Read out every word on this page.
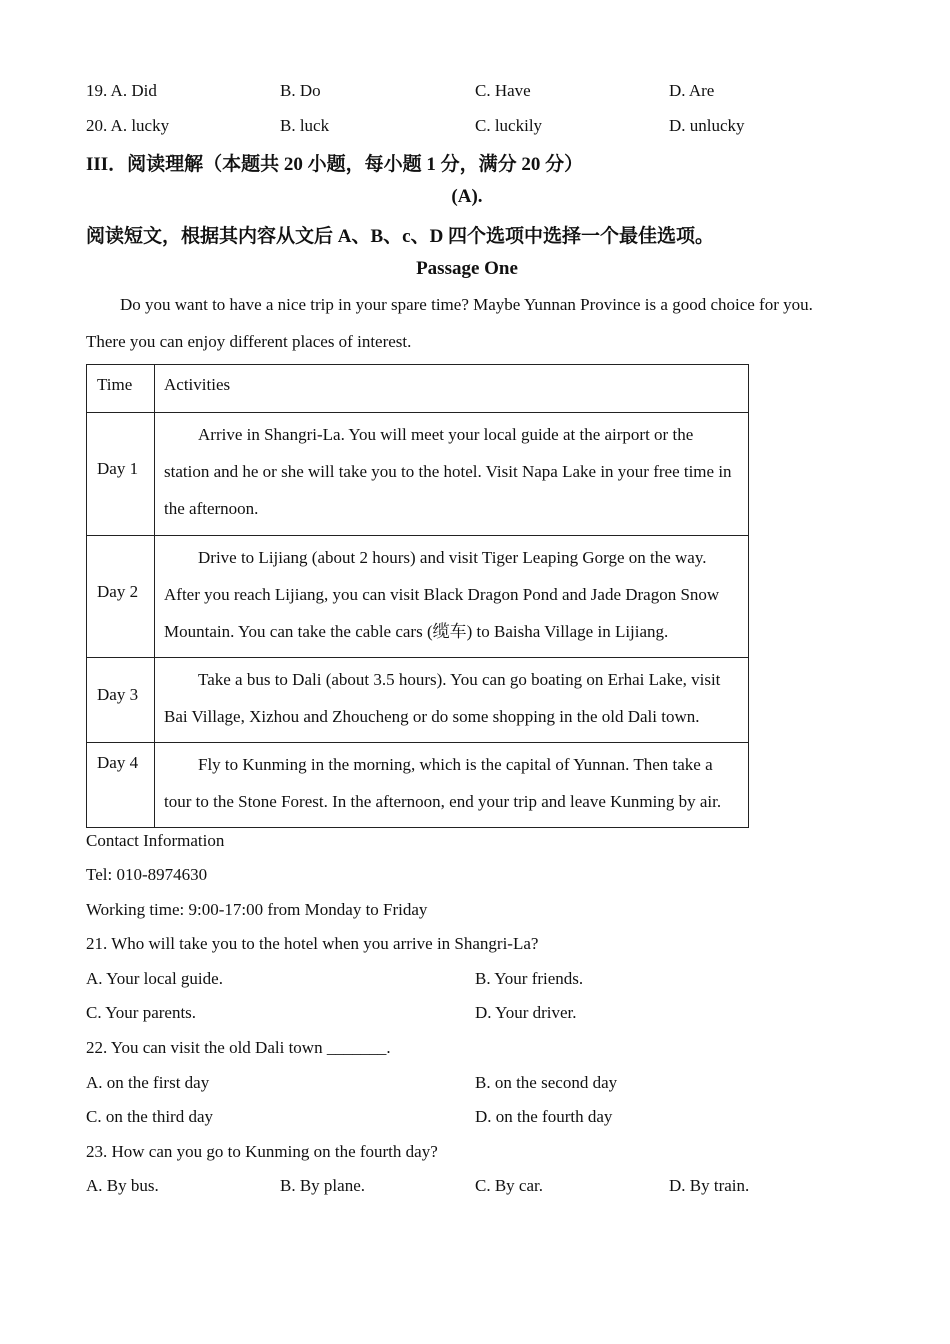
19. A. Did	B. Do	C. Have	D. Are
20. A. lucky	B. luck	C. luckily	D. unlucky
III．阅读理解（本题共 20 小题，每小题 1 分，满分 20 分）
(A).
阅读短文，根据其内容从文后 A、B、c、D 四个选项中选择一个最佳选项。
Passage One
Do you want to have a nice trip in your spare time? Maybe Yunnan Province is a good choice for you. There you can enjoy different places of interest.
Time	Activities

Day 1	Arrive in Shangri-La. You will meet your local guide at the airport or the station and he or she will take you to the hotel. Visit Napa Lake in your free time in the afternoon.

Day 2	Drive to Lijiang (about 2 hours) and visit Tiger Leaping Gorge on the way. After you reach Lijiang, you can visit Black Dragon Pond and Jade Dragon Snow Mountain. You can take the cable cars (缆车) to Baisha Village in Lijiang.

Day 3	Take a bus to Dali (about 3.5 hours). You can go boating on Erhai Lake, visit Bai Village, Xizhou and Zhoucheng or do some shopping in the old Dali town.

Day 4	Fly to Kunming in the morning, which is the capital of Yunnan. Then take a tour to the Stone Forest. In the afternoon, end your trip and leave Kunming by air.
Contact Information
Tel: 010-8974630
Working time: 9:00-17:00 from Monday to Friday
21. Who will take you to the hotel when you arrive in Shangri-La?
A. Your local guide.	B. Your friends.
C. Your parents.	D. Your driver.
22. You can visit the old Dali town _______.
A. on the first day	B. on the second day
C. on the third day	D. on the fourth day
23. How can you go to Kunming on the fourth day?
A. By bus.	B. By plane.	C. By car.	D. By train.
